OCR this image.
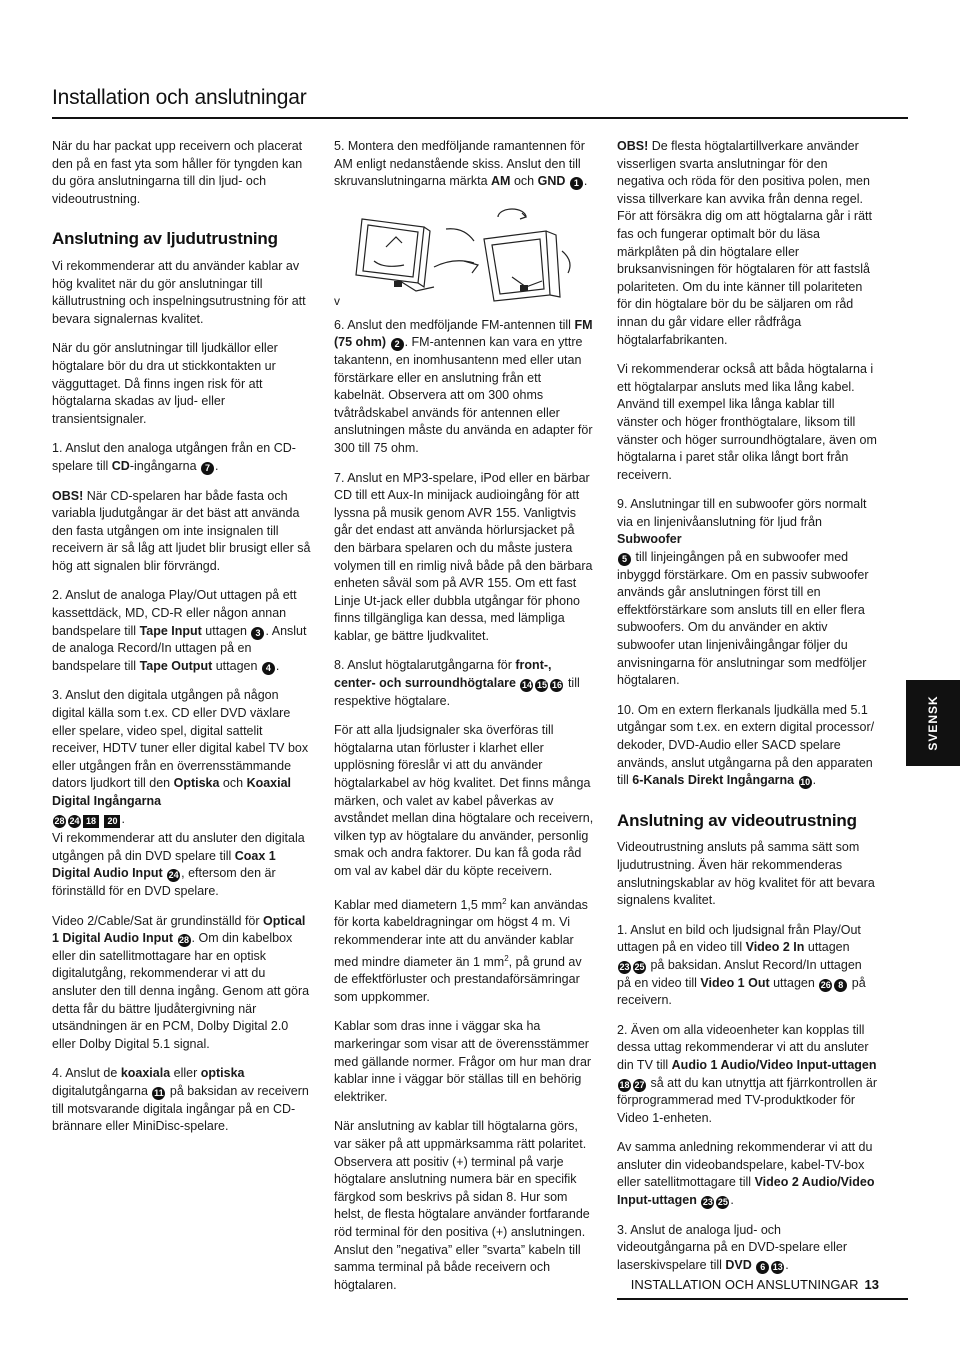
Installation och anslutningar

När du har packat upp receivern och placerat den på en fast yta som håller för tyngden kan du göra anslutningarna till din ljud- och videoutrustning.

Anslutning av ljudutrustning

Vi rekommenderar att du använder kablar av hög kvalitet när du gör anslutningar till källutrustning och inspelningsutrustning för att bevara signalernas kvalitet.

När du gör anslutningar till ljudkällor eller högtalare bör du dra ut stickkontakten ur vägguttaget. Då finns ingen risk för att högtalarna skadas av ljud- eller transientsignaler.

1. Anslut den analoga utgången från en CD-spelare till CD-ingångarna 7 .

OBS! När CD-spelaren har både fasta och variabla ljudutgångar är det bäst att använda den fasta utgången om inte insignalen till receivern är så låg att ljudet blir brusigt eller så hög att signalen blir förvrängd.

2. Anslut de analoga Play/Out uttagen på ett kassettdäck, MD, CD-R eller någon annan bandspelare till Tape Input uttagen 3 . Anslut de analoga Record/In uttagen på en bandspelare till Tape Output uttagen 4 .

3. Anslut den digitala utgången på någon digital källa som t.ex. CD eller DVD växlare eller spelare, video spel, digital sattelit receiver, HDTV tuner eller digital kabel TV box eller utgången från en överrensstämmande dators ljudkort till den Optiska och Koaxial Digital Ingångarna
28 24 18 20 .

Vi rekommenderar att du ansluter den digitala utgången på din DVD spelare till Coax 1 Digital Audio Input 24 , eftersom den är förinställd för en DVD spelare.

Video 2/Cable/Sat är grundinställd för Optical 1 Digital Audio Input 28 . Om din kabelbox eller din satellitmottagare har en optisk digitalutgång, rekommenderar vi att du ansluter den till denna ingång. Genom att göra detta får du bättre ljudåtergivning när utsändningen är en PCM, Dolby Digital 2.0 eller Dolby Digital 5.1 signal.

4. Anslut de koaxiala eller optiska digitalutgångarna 11 på baksidan av receivern till motsvarande digitala ingångar på en CD-brännare eller MiniDisc-spelare.

5. Montera den medföljande ramantennen för AM enligt nedanstående skiss. Anslut den till skruvanslutningarna märkta AM och GND 1 .

v

6. Anslut den medföljande FM-antennen till FM (75 ohm) 2 . FM-antennen kan vara en yttre takantenn, en inomhusantenn med eller utan förstärkare eller en anslutning från ett kabelnät. Observera att om 300 ohms tvåtrådskabel används för antennen eller anslutningen måste du använda en adapter för 300 till 75 ohm.

7. Anslut en MP3-spelare, iPod eller en bärbar CD till ett Aux-In minijack audioingång för att lyssna på musik genom AVR 155. Vanligtvis går det endast att använda hörlursjacket på den bärbara spelaren och du måste justera volymen till en rimlig nivå både på den bärbara enheten såväl som på AVR 155. Om ett fast Linje Ut-jack eller dubbla utgångar för phono finns tillgängliga kan dessa, med lämpliga kablar, ge bättre ljudkvalitet.

8. Anslut högtalarutgångarna för front-, center- och surroundhögtalare 14 15 16 till respektive högtalare.

För att alla ljudsignaler ska överföras till högtalarna utan förluster i klarhet eller upplösning föreslår vi att du använder högtalarkabel av hög kvalitet. Det finns många märken, och valet av kabel påverkas av avståndet mellan dina högtalare och receivern, vilken typ av högtalare du använder, personlig smak och andra faktorer. Du kan få goda råd om val av kabel där du köpte receivern.

Kablar med diametern 1,5 $mm^2$ kan användas för korta kabeldragningar om högst 4 m. Vi rekommenderar inte att du använder kablar med mindre diameter än 1 $mm^2$, på grund av de effektförluster och prestandaförsämringar som uppkommer.

Kablar som dras inne i väggar ska ha markeringar som visar att de överensstämmer med gällande normer. Frågor om hur man drar kablar inne i väggar bör ställas till en behörig elektriker.

När anslutning av kablar till högtalarna görs, var säker på att uppmärksamma rätt polaritet. Observera att positiv (+) terminal på varje högtalare anslutning numera bär en specifik färgkod som beskrivs på sidan 8. Hur som helst, de flesta högtalare använder fortfarande röd terminal för den positiva (+) anslutningen. Anslut den ”negativa” eller ”svarta” kabeln till samma terminal på både receivern och högtalaren.

OBS! De flesta högtalartillverkare använder visserligen svarta anslutningar för den negativa och röda för den positiva polen, men vissa tillverkare kan avvika från denna regel. För att försäkra dig om att högtalarna går i rätt fas och fungerar optimalt bör du läsa märkplåten på din högtalare eller bruksanvisningen för högtalaren för att fastslå polariteten. Om du inte känner till polariteten för din högtalare bör du be säljaren om råd innan du går vidare eller rådfråga högtalarfabrikanten.

Vi rekommenderar också att båda högtalarna i ett högtalarpar ansluts med lika lång kabel. Använd till exempel lika långa kablar till vänster och höger fronthögtalare, liksom till vänster och höger surroundhögtalare, även om högtalarna i paret står olika långt bort från receivern.

9. Anslutningar till en subwoofer görs normalt via en linjenivåanslutning för ljud från Subwoofer
5 till linjeingången på en subwoofer med inbyggd förstärkare. Om en passiv subwoofer används går anslutningen först till en effektförstärkare som ansluts till en eller flera subwoofers. Om du använder en aktiv subwoofer utan linjenivåingångar följer du anvisningarna för anslutningar som medföljer högtalaren.

10. Om en extern flerkanals ljudkälla med 5.1 utgångar som t.ex. en extern digital processor/ dekoder, DVD-Audio eller SACD spelare används, anslut utgångarna på den apparaten till 6-Kanals Direkt Ingångarna 10 .

Anslutning av videoutrustning

Videoutrustning ansluts på samma sätt som ljudutrustning. Även här rekommenderas anslutningskablar av hög kvalitet för att bevara signalens kvalitet.

1. Anslut en bild och ljudsignal från Play/Out uttagen på en video till Video 2 In uttagen
23 25 på baksidan. Anslut Record/In uttagen på en video till Video 1 Out uttagen 26 8 på receivern.

2. Även om alla videoenheter kan kopplas till dessa uttag rekommenderar vi att du ansluter din TV till Audio 1 Audio/Video Input-uttagen
18 27 så att du kan utnyttja att fjärrkontrollen är förprogrammerad med TV-produktkoder för Video 1-enheten.

Av samma anledning rekommenderar vi att du ansluter din videobandspelare, kabel-TV-box eller satellitmottagare till Video 2 Audio/Video Input-uttagen 23 25 .

3. Anslut de analoga ljud- och videoutgångarna på en DVD-spelare eller laserskivspelare till DVD 6 13 .

SVENSK
INSTALLATION OCH ANSLUTNINGAR 13
